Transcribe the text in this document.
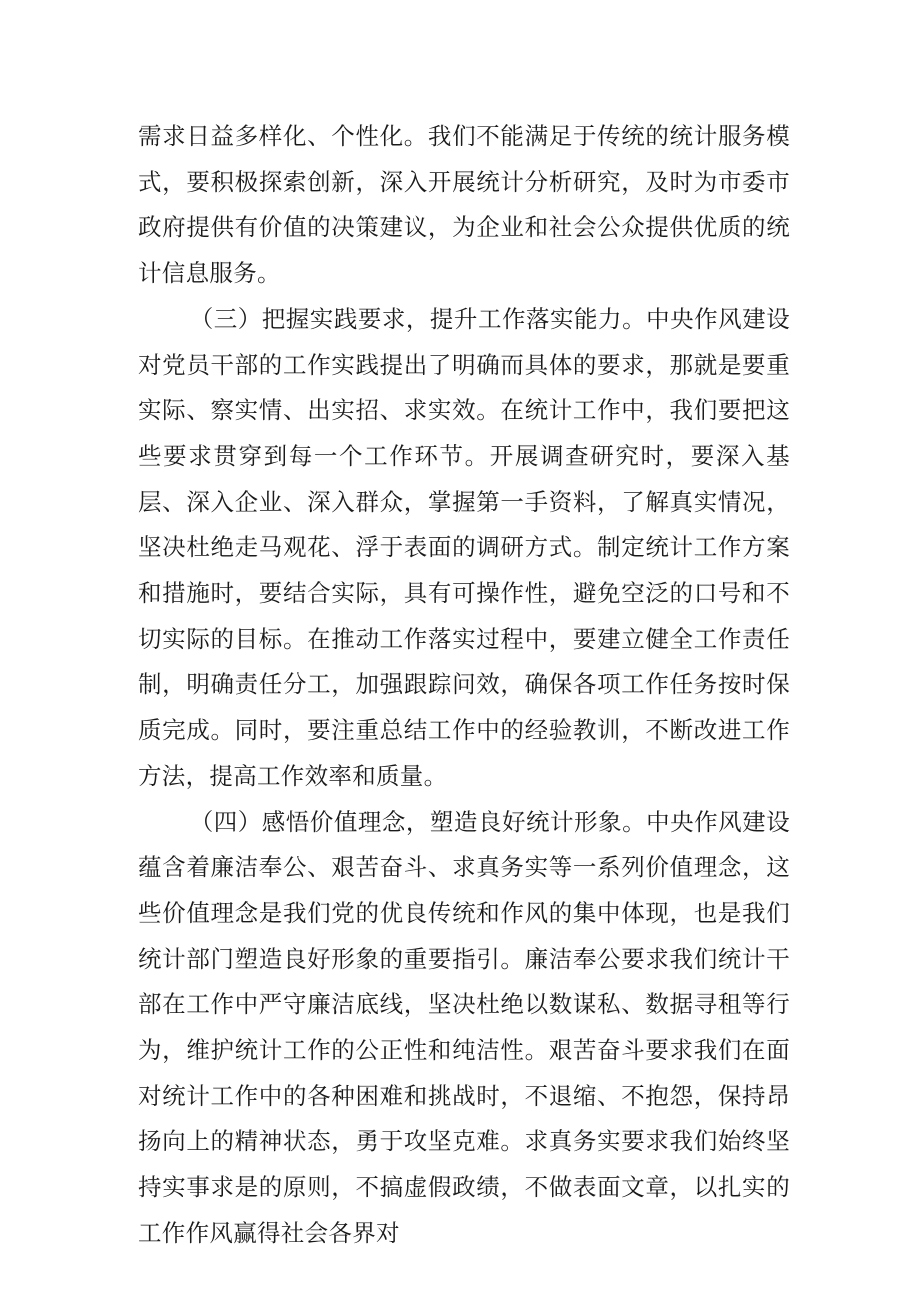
需求日益多样化、个性化。我们不能满足于传统的统计服务模式，要积极探索创新，深入开展统计分析研究，及时为市委市政府提供有价值的决策建议，为企业和社会公众提供优质的统计信息服务。

（三）把握实践要求，提升工作落实能力。中央作风建设对党员干部的工作实践提出了明确而具体的要求，那就是要重实际、察实情、出实招、求实效。在统计工作中，我们要把这些要求贯穿到每一个工作环节。开展调查研究时，要深入基层、深入企业、深入群众，掌握第一手资料，了解真实情况，坚决杜绝走马观花、浮于表面的调研方式。制定统计工作方案和措施时，要结合实际，具有可操作性，避免空泛的口号和不切实际的目标。在推动工作落实过程中，要建立健全工作责任制，明确责任分工，加强跟踪问效，确保各项工作任务按时保质完成。同时，要注重总结工作中的经验教训，不断改进工作方法，提高工作效率和质量。

（四）感悟价值理念，塑造良好统计形象。中央作风建设蕴含着廉洁奉公、艰苦奋斗、求真务实等一系列价值理念，这些价值理念是我们党的优良传统和作风的集中体现，也是我们统计部门塑造良好形象的重要指引。廉洁奉公要求我们统计干部在工作中严守廉洁底线，坚决杜绝以数谋私、数据寻租等行为，维护统计工作的公正性和纯洁性。艰苦奋斗要求我们在面对统计工作中的各种困难和挑战时，不退缩、不抱怨，保持昂扬向上的精神状态，勇于攻坚克难。求真务实要求我们始终坚持实事求是的原则，不搞虚假政绩，不做表面文章，以扎实的工作作风赢得社会各界对
